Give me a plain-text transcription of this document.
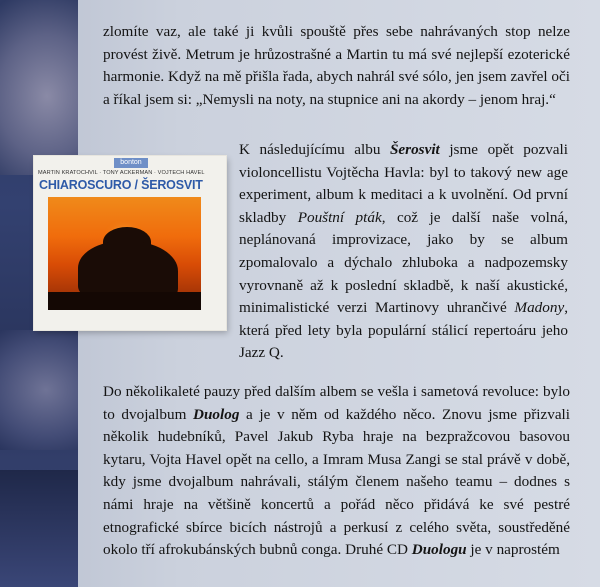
zlomíte vaz, ale také ji kvůli spouště přes sebe nahrávaných stop nelze provést živě. Metrum je hrůzostrašné a Martin tu má své nejlepší ezoterické harmonie. Když na mě přišla řada, abych nahrál své sólo, jen jsem zavřel oči a říkal jsem si: „Nemysli na noty, na stupnice ani na akordy – jenom hraj.“
bonton
MARTIN KRATOCHVÍL · TONY ACKERMAN · VOJTĚCH HAVEL
CHIAROSCURO / ŠEROSVIT
K následujícímu albu Šerosvit jsme opět pozvali violoncellistu Vojtěcha Havla: byl to takový new age experiment, album k meditaci a k uvolnění. Od první skladby Pouštní pták, což je další naše volná, neplánovaná improvizace, jako by se album zpomalovalo a dýchalo zhluboka a nadpozemsky vyrovnaně až k poslední skladbě, k naší akustické, minimalistické verzi Martinovy uhrančivé Madony, která před lety byla populární stálicí repertoáru jeho Jazz Q.
Do několikaleté pauzy před dalším albem se vešla i sametová revoluce: bylo to dvojalbum Duolog a je v něm od každého něco. Znovu jsme přizvali několik hudebníků, Pavel Jakub Ryba hraje na bezpražcovou basovou kytaru, Vojta Havel opět na cello, a Imram Musa Zangi se stal právě v době, kdy jsme dvojalbum nahrávali, stálým členem našeho teamu – dodnes s námi hraje na většině koncertů a pořád něco přidává ke své pestré etnografické sbírce bicích nástrojů a perkusí z celého světa, soustředěné okolo tří afrokubánských bubnů conga. Druhé CD Duologu je v naprostém
